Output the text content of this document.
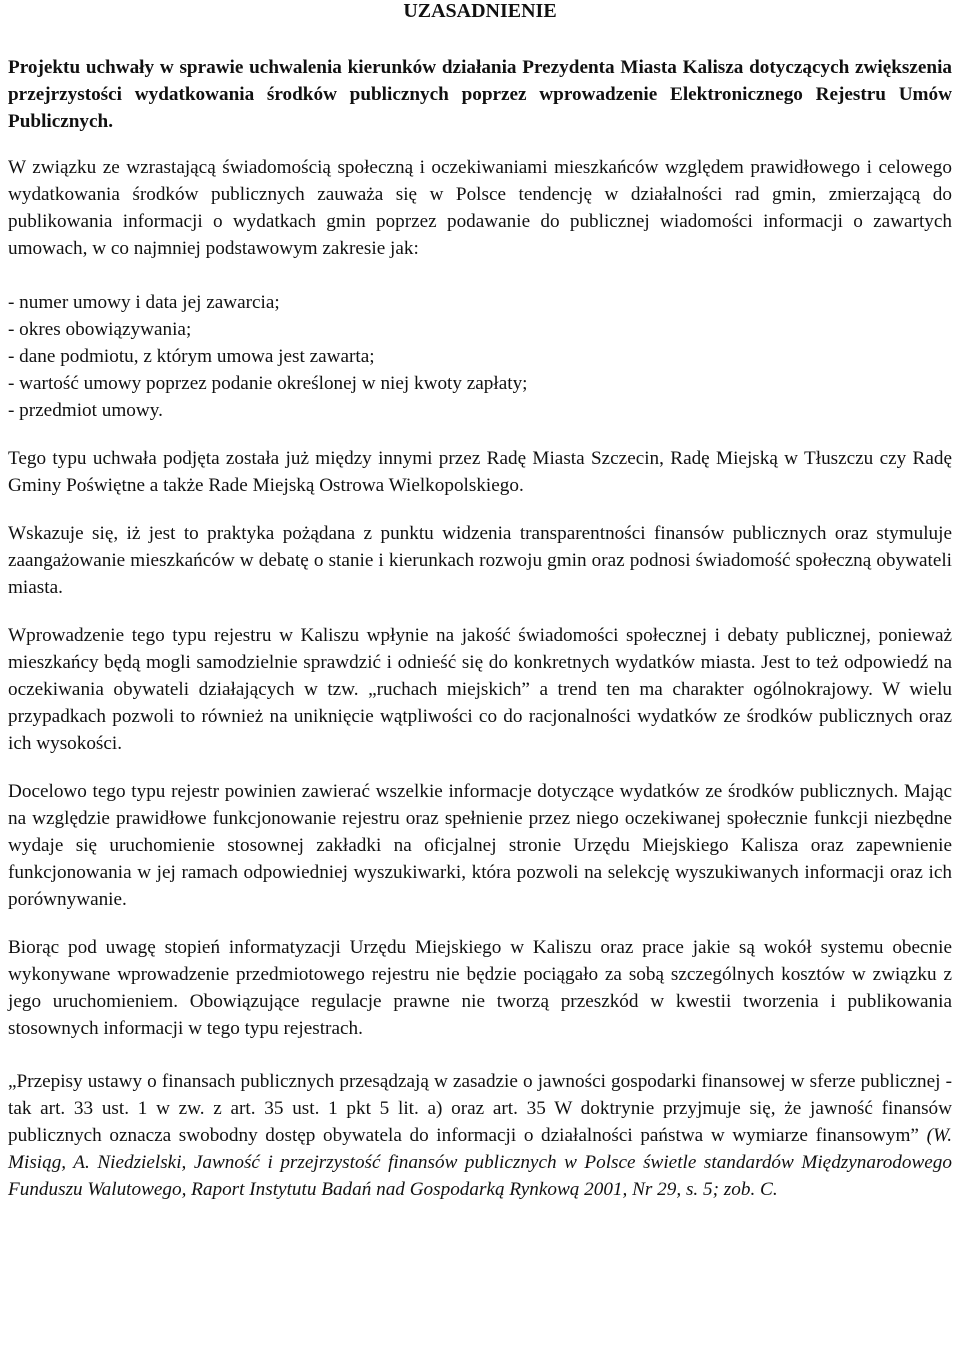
UZASADNIENIE

Projektu uchwały w sprawie uchwalenia kierunków działania Prezydenta Miasta Kalisza dotyczących zwiększenia przejrzystości wydatkowania środków publicznych poprzez wprowadzenie Elektronicznego Rejestru Umów Publicznych.

W związku ze wzrastającą świadomością społeczną i oczekiwaniami mieszkańców względem prawidłowego i celowego wydatkowania środków publicznych zauważa się w Polsce tendencję w działalności rad gmin, zmierzającą do publikowania informacji o wydatkach gmin poprzez podawanie do publicznej wiadomości informacji o zawartych umowach, w co najmniej podstawowym zakresie jak:

- numer umowy i data jej zawarcia;
- okres obowiązywania;
- dane podmiotu, z którym umowa jest zawarta;
- wartość umowy poprzez podanie określonej w niej kwoty zapłaty;
- przedmiot umowy.

Tego typu uchwała podjęta została już między innymi przez Radę Miasta Szczecin, Radę Miejską w Tłuszczu czy Radę Gminy Poświętne a także Rade Miejską Ostrowa Wielkopolskiego.

Wskazuje się, iż jest to praktyka pożądana z punktu widzenia transparentności finansów publicznych oraz stymuluje zaangażowanie mieszkańców w debatę o stanie i kierunkach rozwoju gmin oraz podnosi świadomość społeczną obywateli miasta.

Wprowadzenie tego typu rejestru w Kaliszu wpłynie na jakość świadomości społecznej i debaty publicznej, ponieważ mieszkańcy będą mogli samodzielnie sprawdzić i odnieść się do konkretnych wydatków miasta. Jest to też odpowiedź na oczekiwania obywateli działających w tzw. „ruchach miejskich” a trend ten ma charakter ogólnokrajowy. W wielu przypadkach pozwoli to również na uniknięcie wątpliwości co do racjonalności wydatków ze środków publicznych oraz ich wysokości.

Docelowo tego typu rejestr powinien zawierać wszelkie informacje dotyczące wydatków ze środków publicznych. Mając na względzie prawidłowe funkcjonowanie rejestru oraz spełnienie przez niego oczekiwanej społecznie funkcji niezbędne wydaje się uruchomienie stosownej zakładki na oficjalnej stronie Urzędu Miejskiego Kalisza oraz zapewnienie funkcjonowania w jej ramach odpowiedniej wyszukiwarki, która pozwoli na selekcję wyszukiwanych informacji oraz ich porównywanie.

Biorąc pod uwagę stopień informatyzacji Urzędu Miejskiego w Kaliszu oraz prace jakie są wokół systemu obecnie wykonywane wprowadzenie przedmiotowego rejestru nie będzie pociągało za sobą szczególnych kosztów w związku z jego uruchomieniem. Obowiązujące regulacje prawne nie tworzą przeszkód w kwestii tworzenia i publikowania stosownych informacji w tego typu rejestrach.

„Przepisy ustawy o finansach publicznych przesądzają w zasadzie o jawności gospodarki finansowej w sferze publicznej - tak art. 33 ust. 1 w zw. z art. 35 ust. 1 pkt 5 lit. a) oraz art. 35 W doktrynie przyjmuje się, że jawność finansów publicznych oznacza swobodny dostęp obywatela do informacji o działalności państwa w wymiarze finansowym” (W. Misiąg, A. Niedzielski, Jawność i przejrzystość finansów publicznych w Polsce świetle standardów Międzynarodowego Funduszu Walutowego, Raport Instytutu Badań nad Gospodarką Rynkową 2001, Nr 29, s. 5; zob. C.
